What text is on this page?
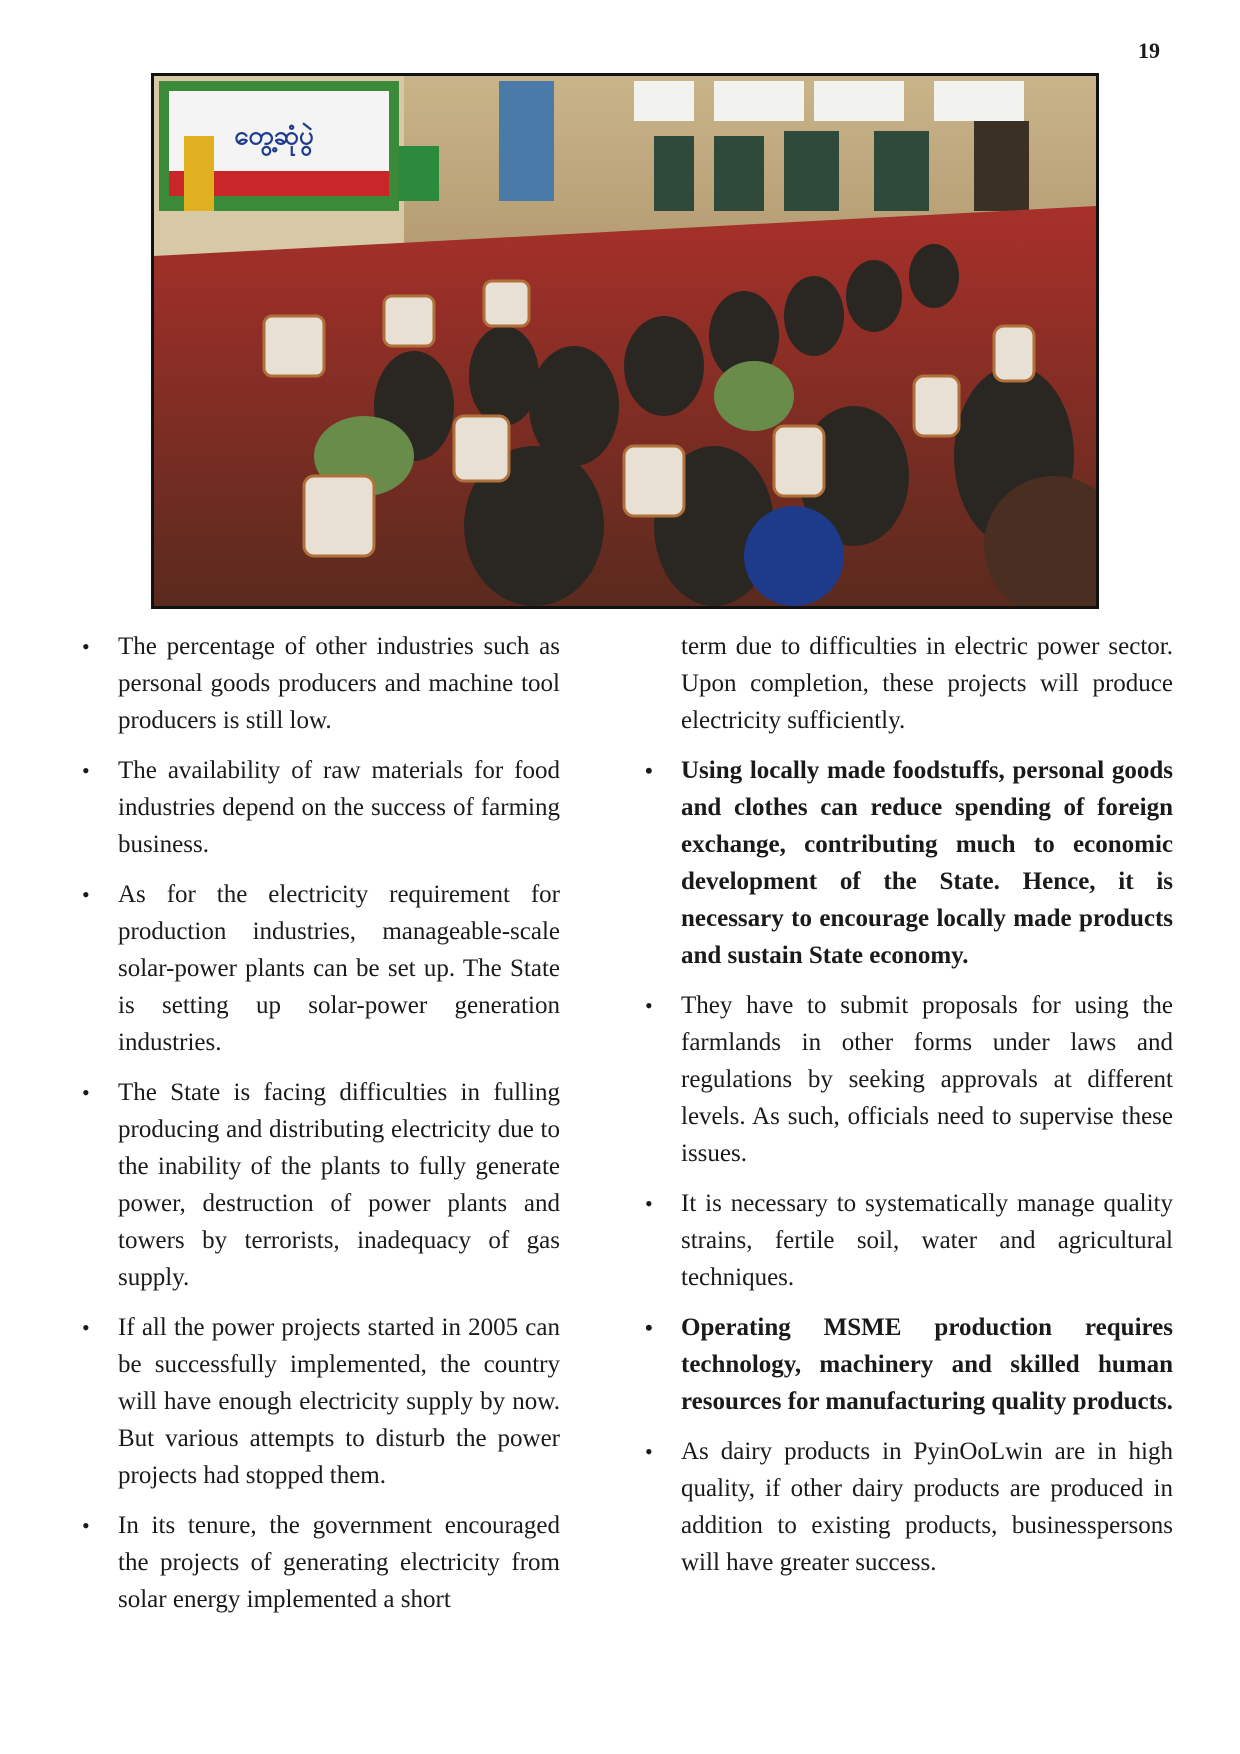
19
တွေ့ဆုံပွဲ
• The percentage of other industries such as personal goods producers and machine tool producers is still low.
• The availability of raw materials for food industries depend on the success of farming business.
• As for the electricity requirement for production industries, manageable-scale solar-power plants can be set up. The State is setting up solar-power generation industries.
• The State is facing difficulties in fulling producing and distributing electricity due to the inability of the plants to fully generate power, destruction of power plants and towers by terrorists, inadequacy of gas supply.
• If all the power projects started in 2005 can be successfully implemented, the country will have enough electricity supply by now. But various attempts to disturb the power projects had stopped them.
• In its tenure, the government encouraged the projects of generating electricity from solar energy implemented a short
term due to difficulties in electric power sector. Upon completion, these projects will produce electricity sufficiently.
• Using locally made foodstuffs, personal goods and clothes can reduce spending of foreign exchange, contributing much to economic development of the State. Hence, it is necessary to encourage locally made products and sustain State economy.
• They have to submit proposals for using the farmlands in other forms under laws and regulations by seeking approvals at different levels. As such, officials need to supervise these issues.
• It is necessary to systematically manage quality strains, fertile soil, water and agricultural techniques.
• Operating MSME production requires technology, machinery and skilled human resources for manufacturing quality products.
• As dairy products in PyinOoLwin are in high quality, if other dairy products are produced in addition to existing products, businesspersons will have greater success.
